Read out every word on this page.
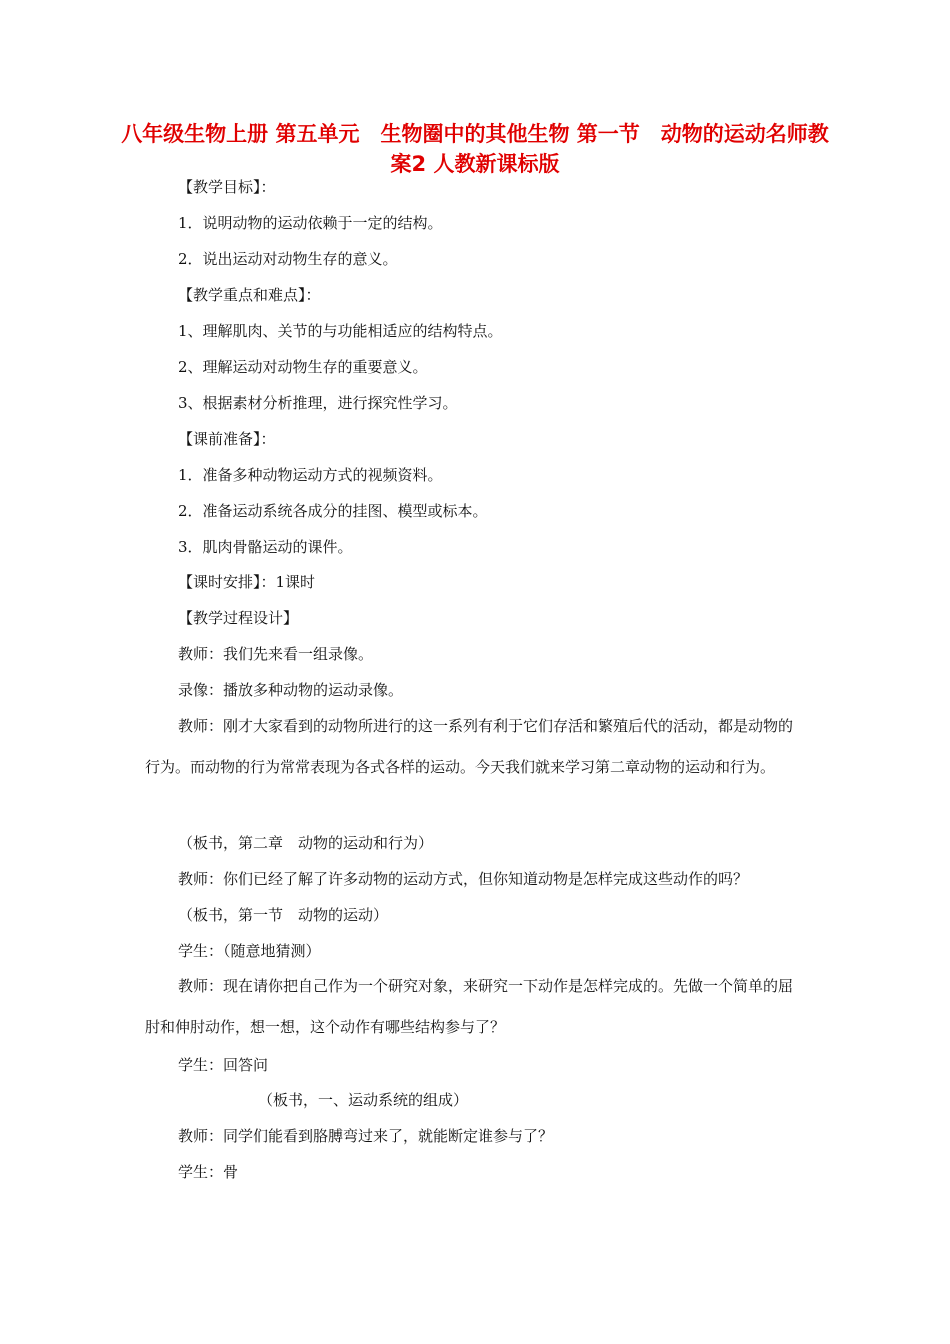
八年级生物上册 第五单元　生物圈中的其他生物 第一节　动物的运动名师教案2 人教新课标版
【教学目标】：
1．说明动物的运动依赖于一定的结构。
2．说出运动对动物生存的意义。
【教学重点和难点】：
1、理解肌肉、关节的与功能相适应的结构特点。
2、理解运动对动物生存的重要意义。
3、根据素材分析推理，进行探究性学习。
【课前准备】：
1．准备多种动物运动方式的视频资料。
2．准备运动系统各成分的挂图、模型或标本。
3．肌肉骨骼运动的课件。
【课时安排】：1课时
【教学过程设计】
教师：我们先来看一组录像。
录像：播放多种动物的运动录像。
教师：刚才大家看到的动物所进行的这一系列有利于它们存活和繁殖后代的活动，都是动物的行为。而动物的行为常常表现为各式各样的运动。今天我们就来学习第二章动物的运动和行为。
（板书，第二章　动物的运动和行为）
教师：你们已经了解了许多动物的运动方式，但你知道动物是怎样完成这些动作的吗？
（板书，第一节　动物的运动）
学生：（随意地猜测）
教师：现在请你把自己作为一个研究对象，来研究一下动作是怎样完成的。先做一个简单的屈肘和伸肘动作，想一想，这个动作有哪些结构参与了？
学生：回答问
（板书，一、运动系统的组成）
教师：同学们能看到胳膊弯过来了，就能断定谁参与了？
学生：骨
